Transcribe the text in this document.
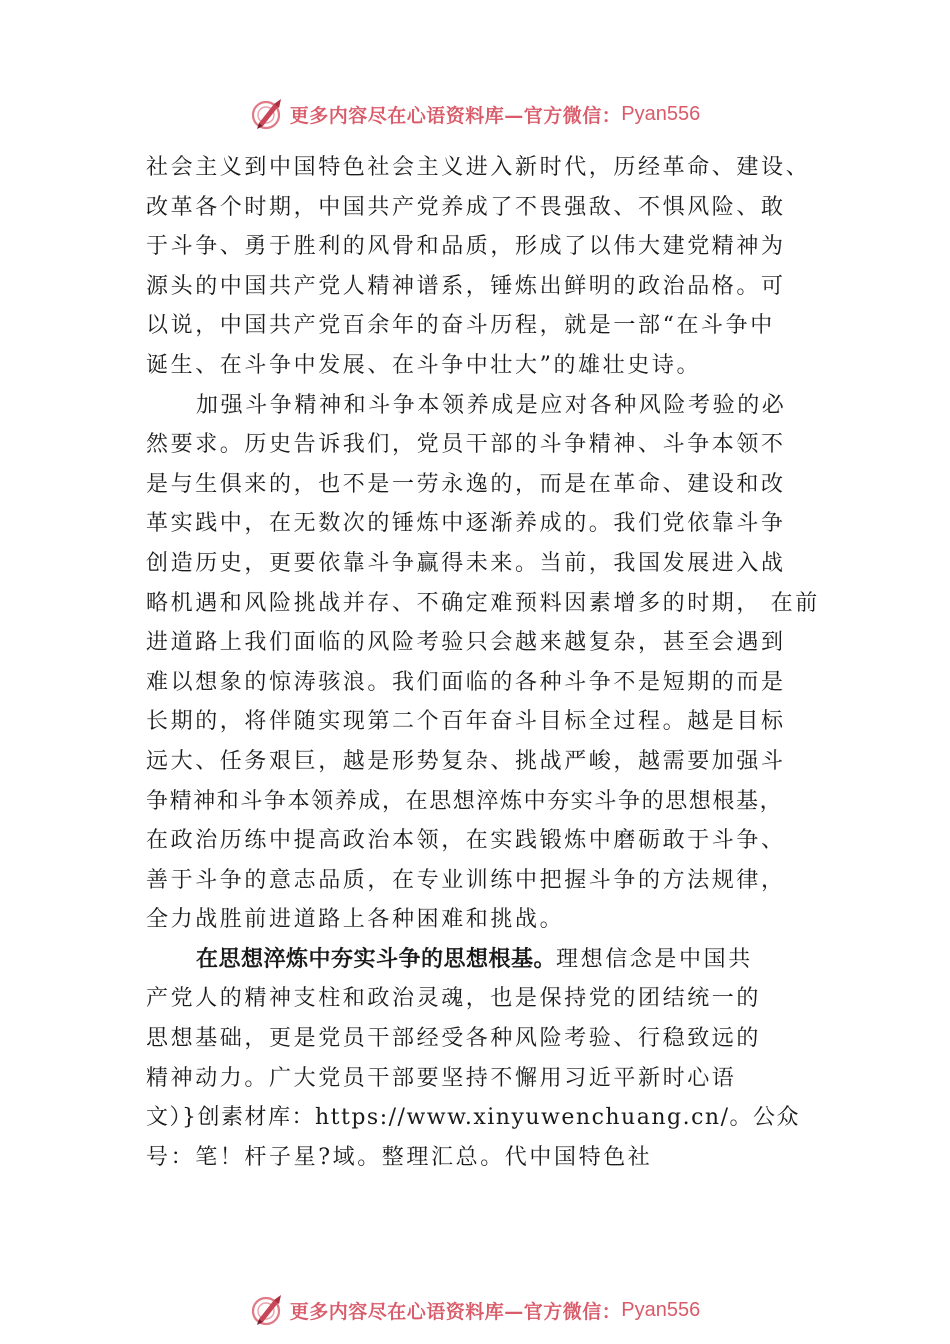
更多内容尽在心语资料库—官方微信： Pyan556

社会主义到中国特色社会主义进入新时代，历经革命、建设、
改革各个时期，中国共产党养成了不畏强敌、不惧风险、敢
于斗争、勇于胜利的风骨和品质，形成了以伟大建党精神为
源头的中国共产党人精神谱系，锤炼出鲜明的政治品格。可
以说，中国共产党百余年的奋斗历程，就是一部“在斗争中
诞生、在斗争中发展、在斗争中壮大”的雄壮史诗。

加强斗争精神和斗争本领养成是应对各种风险考验的必
然要求。历史告诉我们，党员干部的斗争精神、斗争本领不
是与生俱来的，也不是一劳永逸的，而是在革命、建设和改
革实践中，在无数次的锤炼中逐渐养成的。我们党依靠斗争
创造历史，更要依靠斗争赢得未来。当前，我国发展进入战
略机遇和风险挑战并存、不确定难预料因素增多的时期， 在前
进道路上我们面临的风险考验只会越来越复杂，甚至会遇到
难以想象的惊涛骇浪。我们面临的各种斗争不是短期的而是
长期的，将伴随实现第二个百年奋斗目标全过程。越是目标
远大、任务艰巨，越是形势复杂、挑战严峻，越需要加强斗
争精神和斗争本领养成，在思想淬炼中夯实斗争的思想根基，
在政治历练中提高政治本领，在实践锻炼中磨砺敢于斗争、
善于斗争的意志品质，在专业训练中把握斗争的方法规律，
全力战胜前进道路上各种困难和挑战。

在思想淬炼中夯实斗争的思想根基。理想信念是中国共
产党人的精神支柱和政治灵魂，也是保持党的团结统一的
思想基础，更是党员干部经受各种风险考验、行稳致远的
精神动力。广大党员干部要坚持不懈用习近平新时心语
文）}创素材库：https://www.xinyuwenchuang.cn/。公众
号：笔！杆子星?域。整理汇总。代中国特色社

更多内容尽在心语资料库—官方微信： Pyan556
